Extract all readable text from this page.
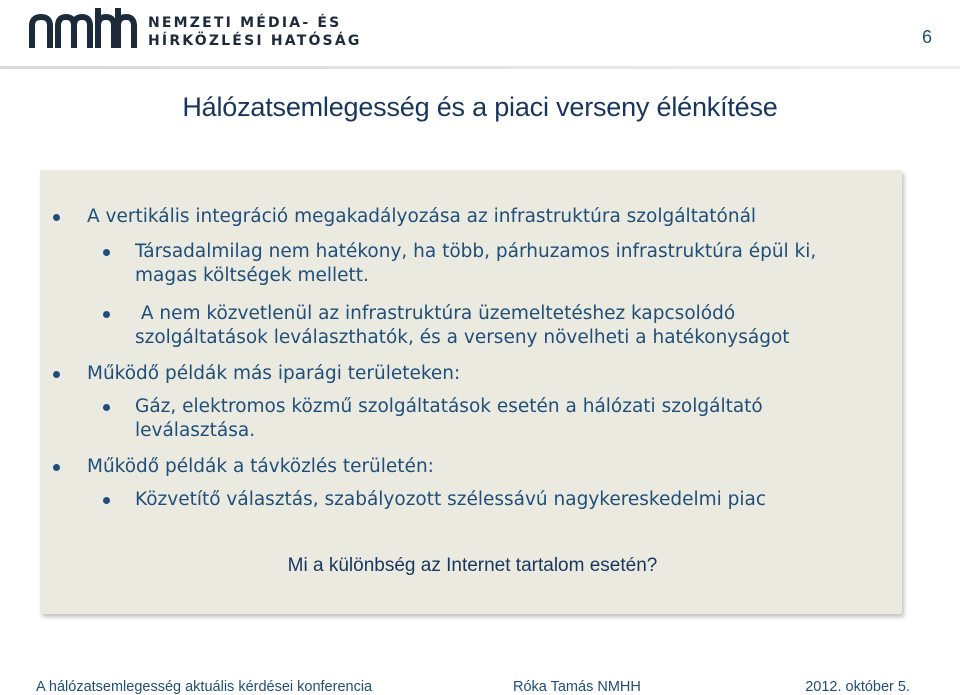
NEMZETI MÉDIA- ÉS
HÍRKÖZLÉSI HATÓSÁG	6
Hálózatsemlegesség és a piaci verseny élénkítése
A vertikális integráció megakadályozása az infrastruktúra szolgáltatónál
Társadalmilag nem hatékony, ha több, párhuzamos infrastruktúra épül ki,
magas költségek mellett.
A nem közvetlenül az infrastruktúra üzemeltetéshez kapcsolódó
szolgáltatások leválaszthatók, és a verseny növelheti a hatékonyságot
Működő példák más iparági területeken:
Gáz, elektromos közmű szolgáltatások esetén a hálózati szolgáltató
leválasztása.
Működő példák a távközlés területén:
Közvetítő választás, szabályozott szélessávú nagykereskedelmi piac
Mi a különbség az Internet tartalom esetén?
A hálózatsemlegesség aktuális kérdései konferencia	Róka Tamás NMHH	2012. október 5.
